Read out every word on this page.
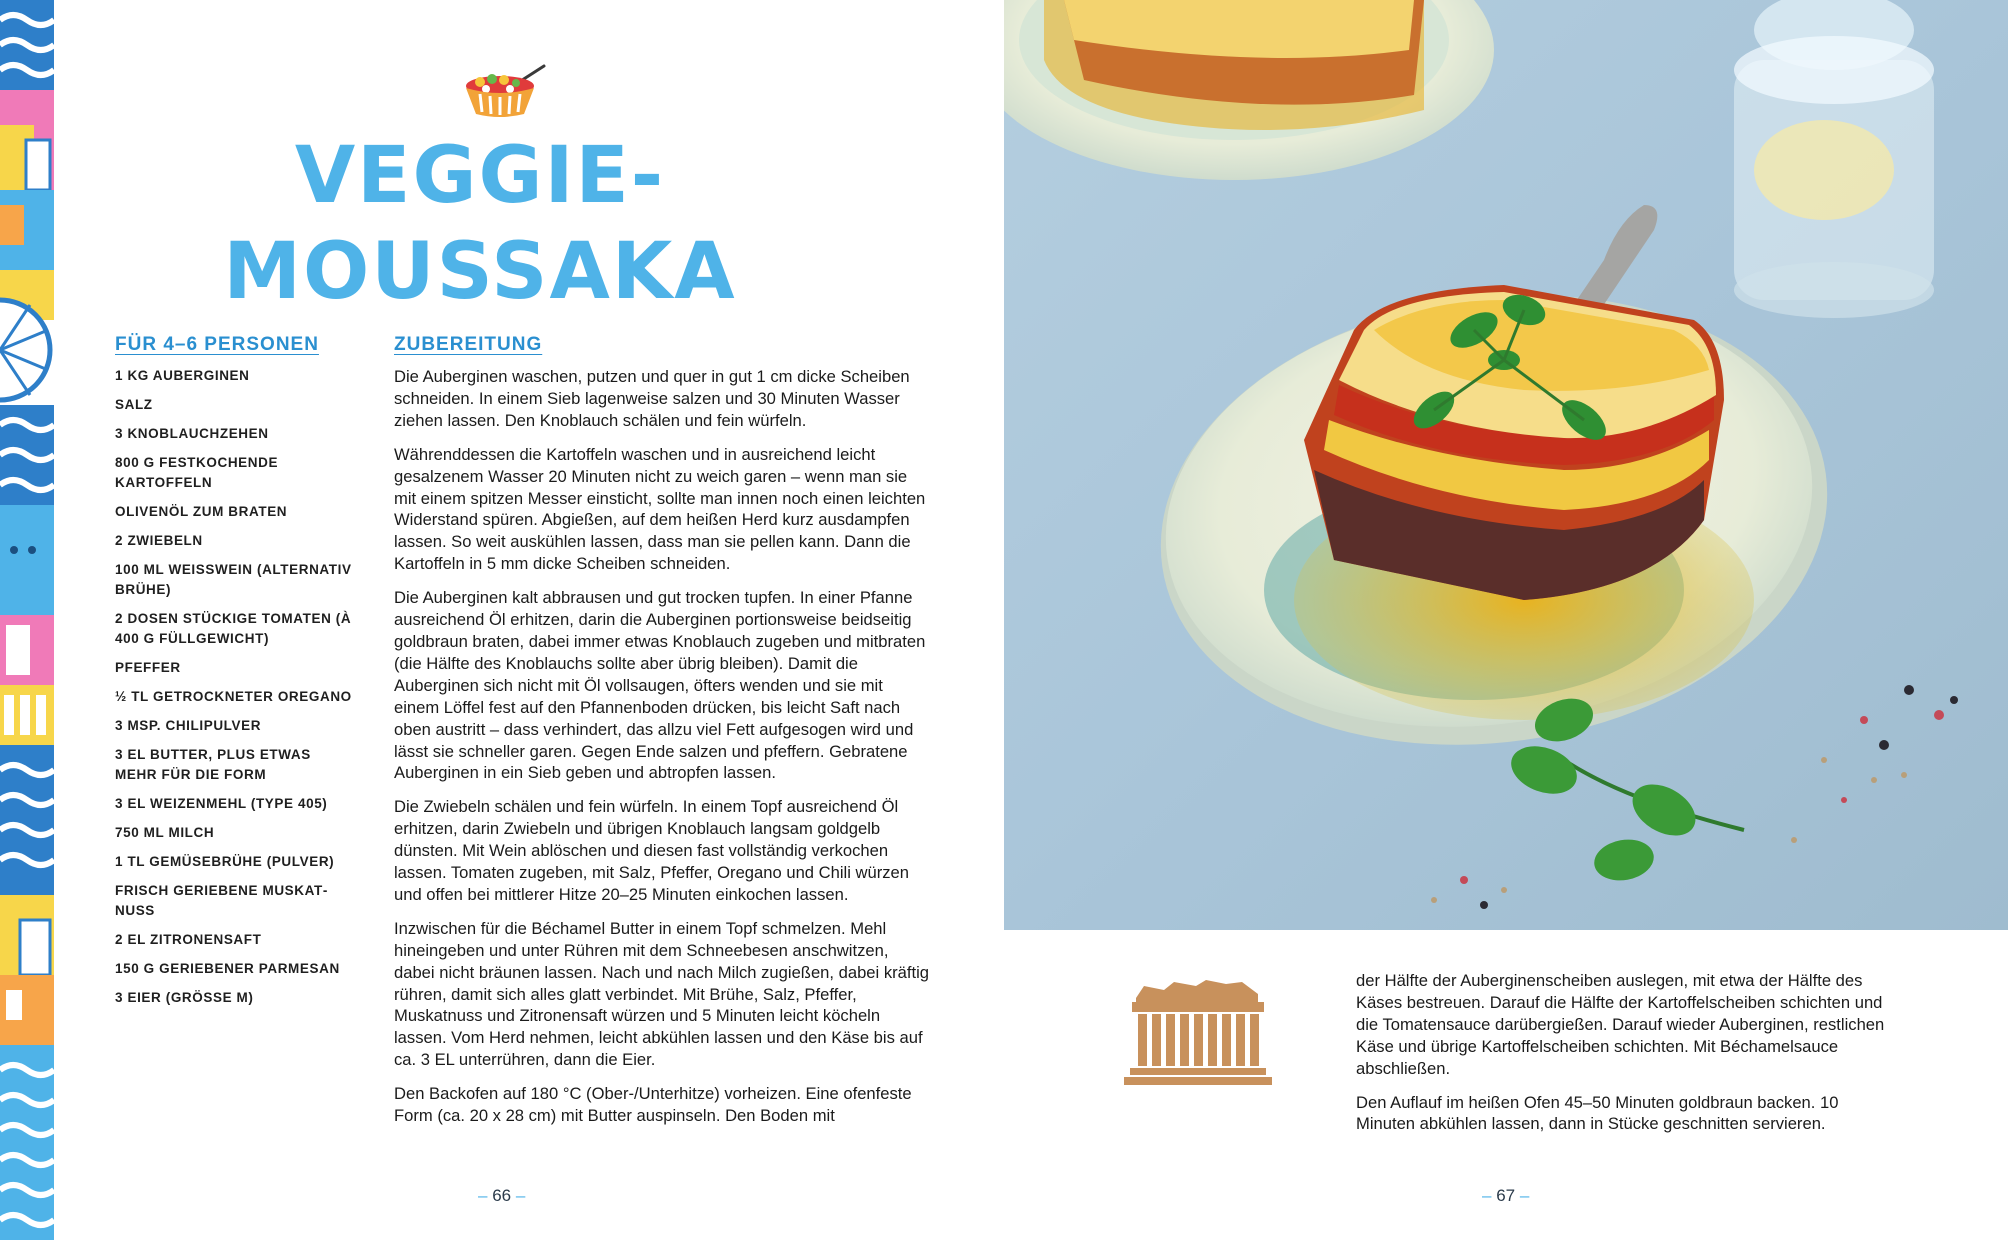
VEGGIE-MOUSSAKA
FÜR 4–6 PERSONEN
1 KG AUBERGINEN
SALZ
3 KNOBLAUCHZEHEN
800 G FESTKOCHENDE KARTOFFELN
OLIVENÖL ZUM BRATEN
2 ZWIEBELN
100 ML WEISSWEIN (ALTERNATIV BRÜHE)
2 DOSEN STÜCKIGE TOMATEN (À 400 G FÜLLGEWICHT)
PFEFFER
½ TL GETROCKNETER OREGANO
3 MSP. CHILIPULVER
3 EL BUTTER, PLUS ETWAS MEHR FÜR DIE FORM
3 EL WEIZENMEHL (TYPE 405)
750 ML MILCH
1 TL GEMÜSEBRÜHE (PULVER)
FRISCH GERIEBENE MUSKATNUSS
2 EL ZITRONENSAFT
150 G GERIEBENER PARMESAN
3 EIER (GRÖSSE M)
ZUBEREITUNG

Die Auberginen waschen, putzen und quer in gut 1 cm dicke Scheiben schneiden. In einem Sieb lagenweise salzen und 30 Minuten Wasser ziehen lassen. Den Knoblauch schälen und fein würfeln.

Währenddessen die Kartoffeln waschen und in ausreichend leicht gesalzenem Wasser 20 Minuten nicht zu weich garen – wenn man sie mit einem spitzen Messer einsticht, sollte man innen noch einen leichten Widerstand spüren. Abgießen, auf dem heißen Herd kurz ausdampfen lassen. So weit auskühlen lassen, dass man sie pellen kann. Dann die Kartoffeln in 5 mm dicke Scheiben schneiden.

Die Auberginen kalt abbrausen und gut trocken tupfen. In einer Pfanne ausreichend Öl erhitzen, darin die Auberginen portionsweise beidseitig goldbraun braten, dabei immer etwas Knoblauch zugeben und mitbraten (die Hälfte des Knoblauchs sollte aber übrig bleiben). Damit die Auberginen sich nicht mit Öl vollsaugen, öfters wenden und sie mit einem Löffel fest auf den Pfannenboden drücken, bis leicht Saft nach oben austritt – dass verhindert, das allzu viel Fett aufgesogen wird und lässt sie schneller garen. Gegen Ende salzen und pfeffern. Gebratene Auberginen in ein Sieb geben und abtropfen lassen.

Die Zwiebeln schälen und fein würfeln. In einem Topf ausreichend Öl erhitzen, darin Zwiebeln und übrigen Knoblauch langsam goldgelb dünsten. Mit Wein ablöschen und diesen fast vollständig verkochen lassen. Tomaten zugeben, mit Salz, Pfeffer, Oregano und Chili würzen und offen bei mittlerer Hitze 20–25 Minuten einkochen lassen.

Inzwischen für die Béchamel Butter in einem Topf schmelzen. Mehl hineingeben und unter Rühren mit dem Schneebesen anschwitzen, dabei nicht bräunen lassen. Nach und nach Milch zugießen, dabei kräftig rühren, damit sich alles glatt verbindet. Mit Brühe, Salz, Pfeffer, Muskatnuss und Zitronensaft würzen und 5 Minuten leicht köcheln lassen. Vom Herd nehmen, leicht abkühlen lassen und den Käse bis auf ca. 3 EL unterrühren, dann die Eier.

Den Backofen auf 180 °C (Ober-/Unterhitze) vorheizen. Eine ofenfeste Form (ca. 20 x 28 cm) mit Butter auspinseln. Den Boden mit

– 66 –

der Hälfte der Auberginenscheiben auslegen, mit etwa der Hälfte des Käses bestreuen. Darauf die Hälfte der Kartoffelscheiben schichten und die Tomatensauce darübergießen. Darauf wieder Auberginen, restlichen Käse und übrige Kartoffelscheiben schichten. Mit Béchamelsauce abschließen.

Den Auflauf im heißen Ofen 45–50 Minuten goldbraun backen. 10 Minuten abkühlen lassen, dann in Stücke geschnitten servieren.

– 67 –
